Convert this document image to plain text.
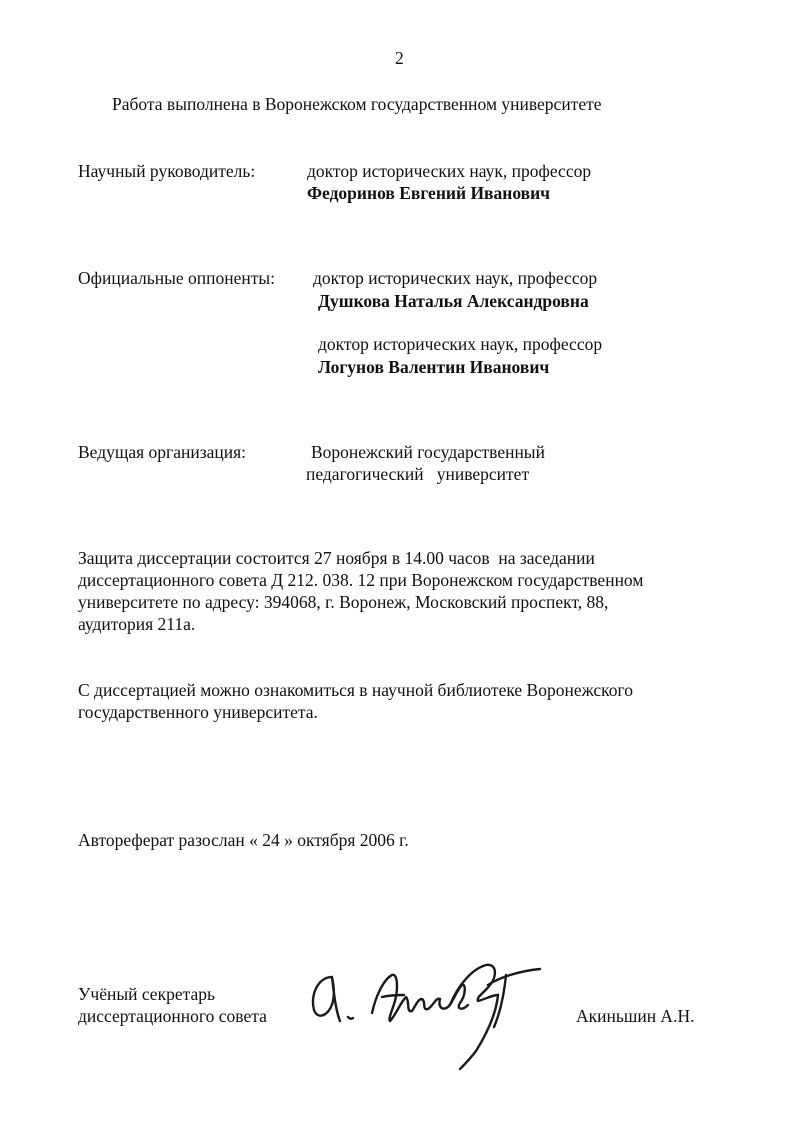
2
Работа выполнена в Воронежском государственном университете
Научный руководитель:	доктор исторических наук, профессор
Федоринов Евгений Иванович
Официальные оппоненты: доктор исторических наук, профессор
Душкова Наталья Александровна
доктор исторических наук, профессор
Логунов Валентин Иванович
Ведущая организация:	Воронежский государственный
педагогический   университет
Защита диссертации состоится 27 ноября в 14.00 часов  на заседании
диссертационного совета Д 212. 038. 12 при Воронежском государственном
университете по адресу: 394068, г. Воронеж, Московский проспект, 88,
аудитория 211а.
С диссертацией можно ознакомиться в научной библиотеке Воронежского
государственного университета.
Автореферат разослан « 24 » октября 2006 г.
Учёный секретарь
диссертационного совета	Акиньшин А.Н.
